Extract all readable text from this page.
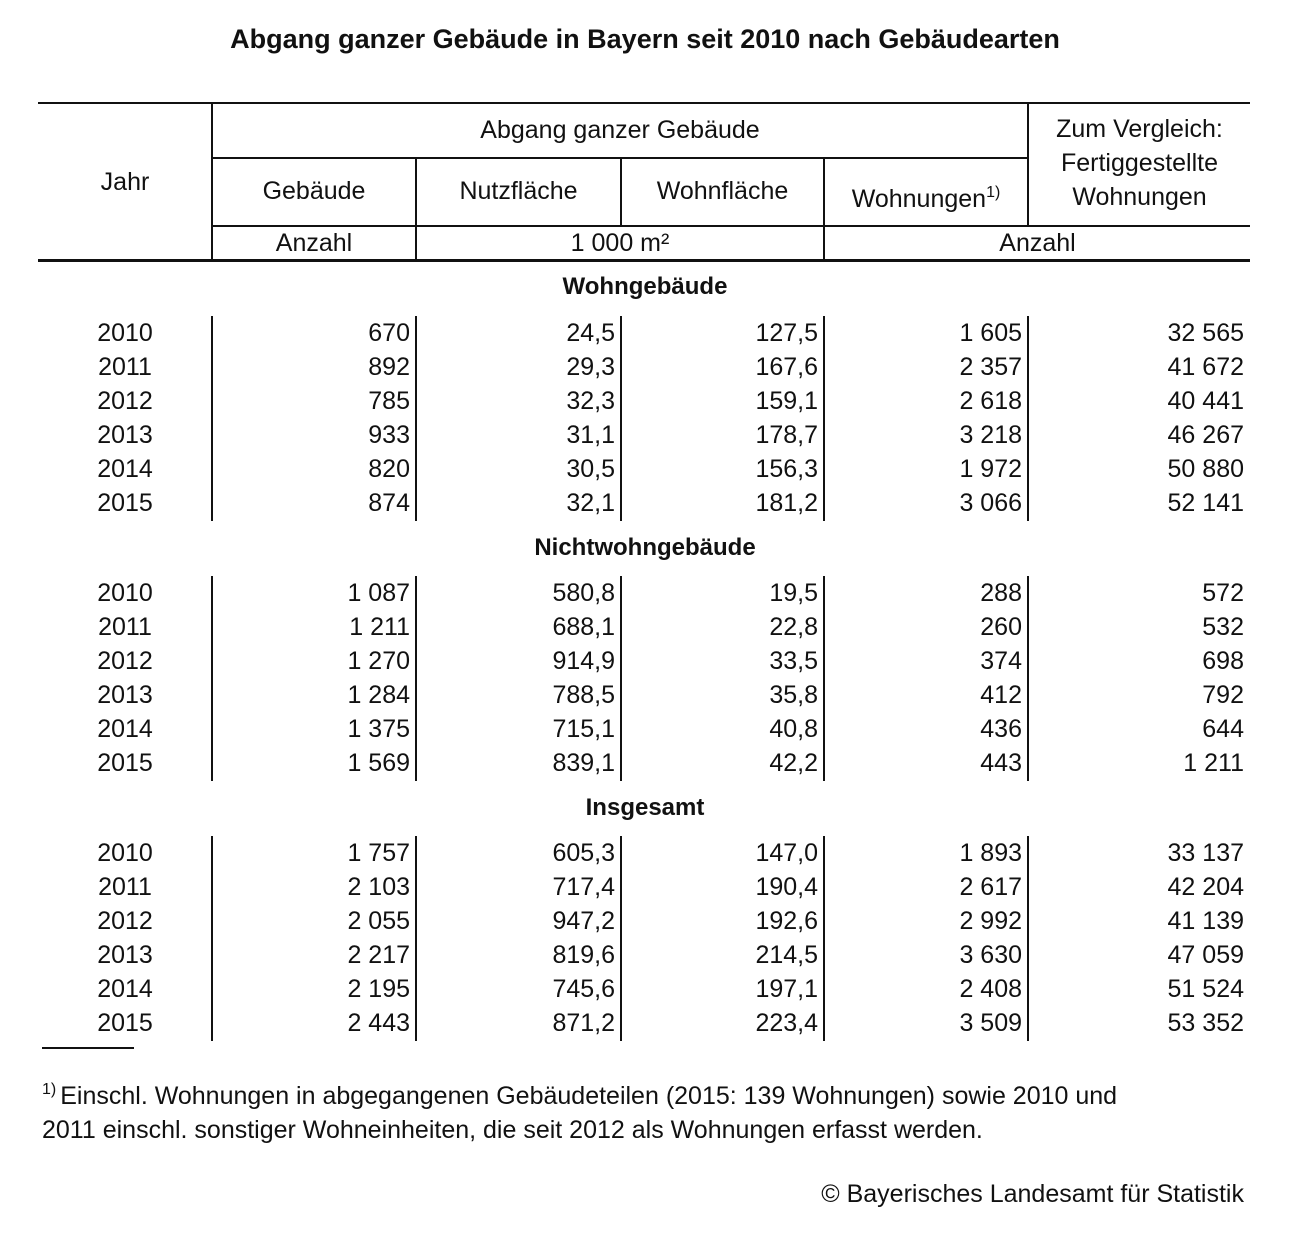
Abgang ganzer Gebäude in Bayern seit 2010 nach Gebäudearten
Jahr
Abgang ganzer Gebäude
Gebäude	Nutzfläche	Wohnfläche	Wohnungen$^{1)}$
Zum Vergleich:
Fertiggestellte
Wohnungen
Anzahl	1 000 m²	Anzahl
Wohngebäude
2010	670	24,5	127,5	1 605	32 565
2011	892	29,3	167,6	2 357	41 672
2012	785	32,3	159,1	2 618	40 441
2013	933	31,1	178,7	3 218	46 267
2014	820	30,5	156,3	1 972	50 880
2015	874	32,1	181,2	3 066	52 141
Nichtwohngebäude
2010	1 087	580,8	19,5	288	572
2011	1 211	688,1	22,8	260	532
2012	1 270	914,9	33,5	374	698
2013	1 284	788,5	35,8	412	792
2014	1 375	715,1	40,8	436	644
2015	1 569	839,1	42,2	443	1 211
Insgesamt
2010	1 757	605,3	147,0	1 893	33 137
2011	2 103	717,4	190,4	2 617	42 204
2012	2 055	947,2	192,6	2 992	41 139
2013	2 217	819,6	214,5	3 630	47 059
2014	2 195	745,6	197,1	2 408	51 524
2015	2 443	871,2	223,4	3 509	53 352
$^{1)}$ Einschl. Wohnungen in abgegangenen Gebäudeteilen (2015: 139 Wohnungen) sowie 2010 und
2011 einschl. sonstiger Wohneinheiten, die seit 2012 als Wohnungen erfasst werden.
© Bayerisches Landesamt für Statistik
